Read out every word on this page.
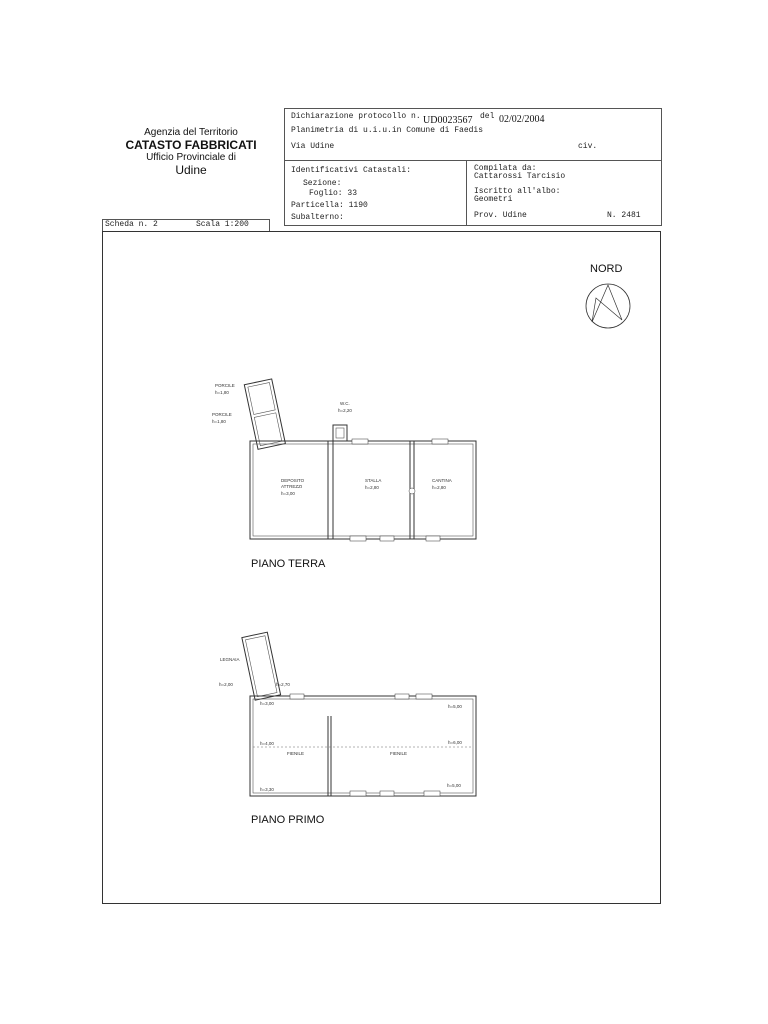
Agenzia del Territorio
CATASTO FABBRICATI
Ufficio Provinciale di
Udine
Dichiarazione protocollo n. UD0023567 del 02/02/2004
Planimetria di u.i.u.in Comune di Faedis
Via Udine	civ.
Identificativi Catastali:
Sezione:
Foglio: 33
Particella: 1190
Subalterno:
Compilata da:
Cattarossi Tarcisio
Iscritto all'albo:
Geometri
Prov. Udine	N. 2481
Scheda n. 2	Scala 1:200
NORD
PORCILE
h=1,80
PORCILE
h=1,80
W.C.
h=2,20
DEPOSITO
ATTREZZI
h=3,00
STALLA
h=2,80
CANTINA
h=2,80
PIANO TERRA
LEGNAIA
h=2,00	h=2,70
h=3,00
h=5,00
h=4,00	h=6,00
FIENILE	FIENILE
h=3,30
h=5,00
PIANO PRIMO
